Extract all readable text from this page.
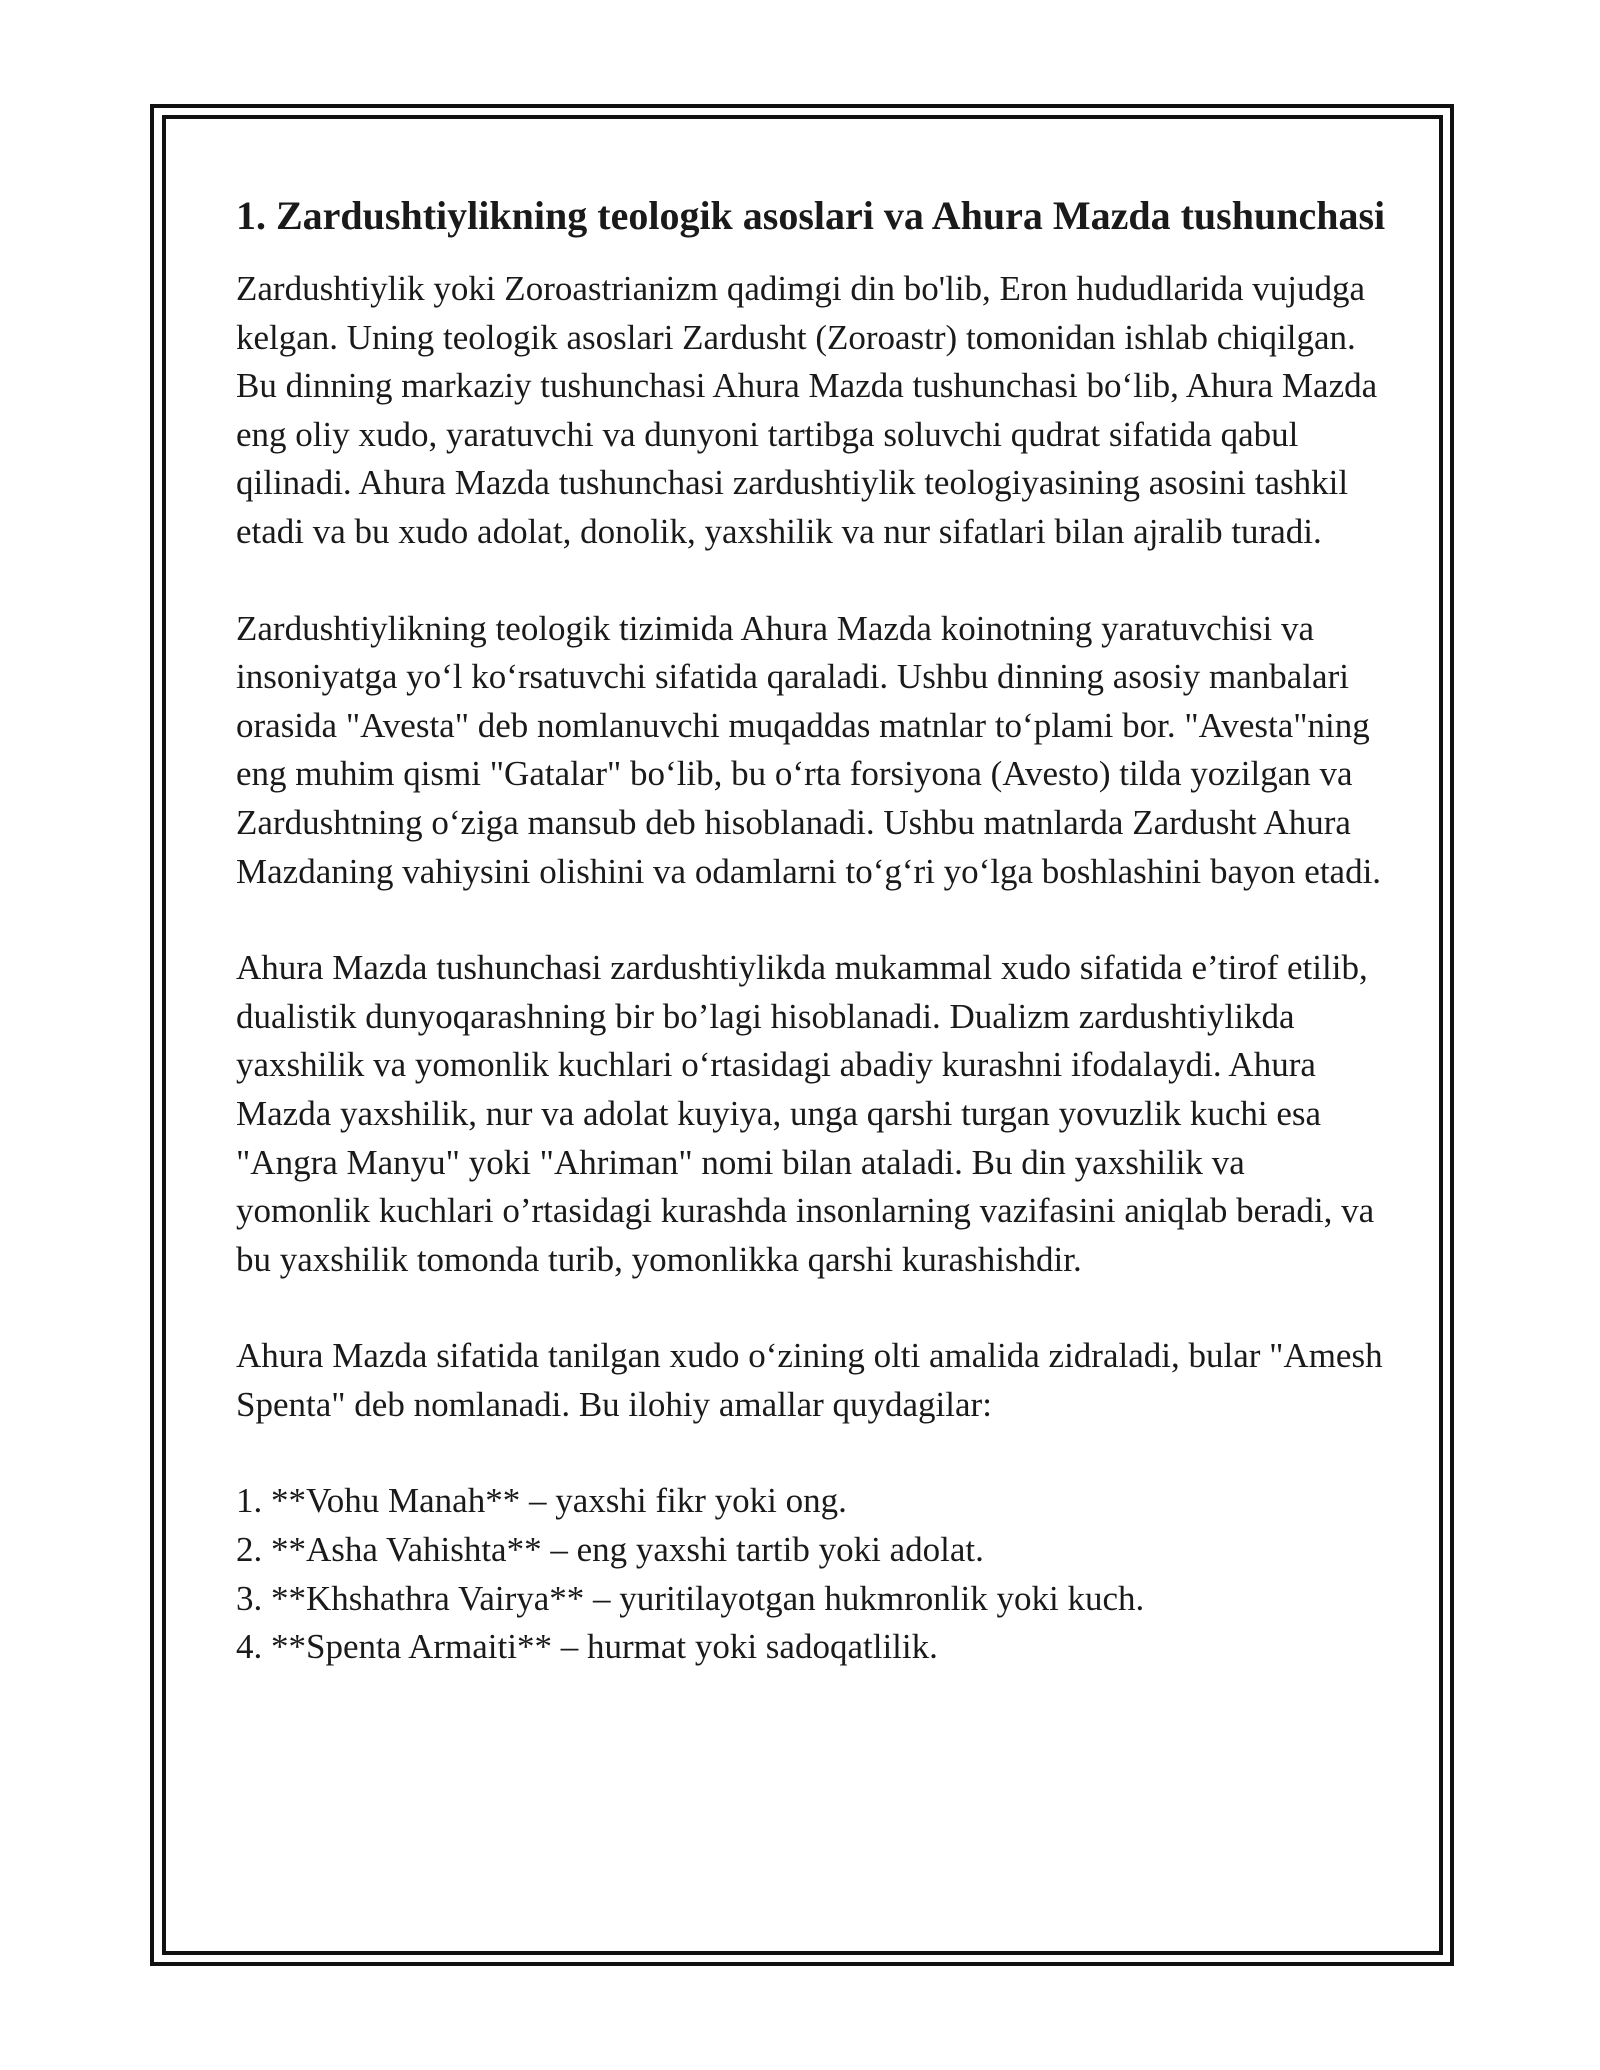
1. Zardushtiylikning teologik asoslari va Ahura Mazda tushunchasi

Zardushtiylik yoki Zoroastrianizm qadimgi din bo'lib, Eron hududlarida vujudga kelgan. Uning teologik asoslari Zardusht (Zoroastr) tomonidan ishlab chiqilgan. Bu dinning markaziy tushunchasi Ahura Mazda tushunchasi bo‘lib, Ahura Mazda eng oliy xudo, yaratuvchi va dunyoni tartibga soluvchi qudrat sifatida qabul qilinadi. Ahura Mazda tushunchasi zardushtiylik teologiyasining asosini tashkil etadi va bu xudo adolat, donolik, yaxshilik va nur sifatlari bilan ajralib turadi.

Zardushtiylikning teologik tizimida Ahura Mazda koinotning yaratuvchisi va insoniyatga yo‘l ko‘rsatuvchi sifatida qaraladi. Ushbu dinning asosiy manbalari orasida "Avesta" deb nomlanuvchi muqaddas matnlar to‘plami bor. "Avesta"ning eng muhim qismi "Gatalar" bo‘lib, bu o‘rta forsiyona (Avesto) tilda yozilgan va Zardushtning o‘ziga mansub deb hisoblanadi. Ushbu matnlarda Zardusht Ahura Mazdaning vahiysini olishini va odamlarni to‘g‘ri yo‘lga boshlashini bayon etadi.

Ahura Mazda tushunchasi zardushtiylikda mukammal xudo sifatida e’tirof etilib, dualistik dunyoqarashning bir bo’lagi hisoblanadi. Dualizm zardushtiylikda yaxshilik va yomonlik kuchlari o‘rtasidagi abadiy kurashni ifodalaydi. Ahura Mazda yaxshilik, nur va adolat kuyiya, unga qarshi turgan yovuzlik kuchi esa "Angra Manyu" yoki "Ahriman" nomi bilan ataladi. Bu din yaxshilik va yomonlik kuchlari o’rtasidagi kurashda insonlarning vazifasini aniqlab beradi, va bu yaxshilik tomonda turib, yomonlikka qarshi kurashishdir.

Ahura Mazda sifatida tanilgan xudo o‘zining olti amalida zidraladi, bular "Amesh Spenta" deb nomlanadi. Bu ilohiy amallar quydagilar:

1. **Vohu Manah** – yaxshi fikr yoki ong.
2. **Asha Vahishta** – eng yaxshi tartib yoki adolat.
3. **Khshathra Vairya** – yuritilayotgan hukmronlik yoki kuch.
4. **Spenta Armaiti** – hurmat yoki sadoqatlilik.
